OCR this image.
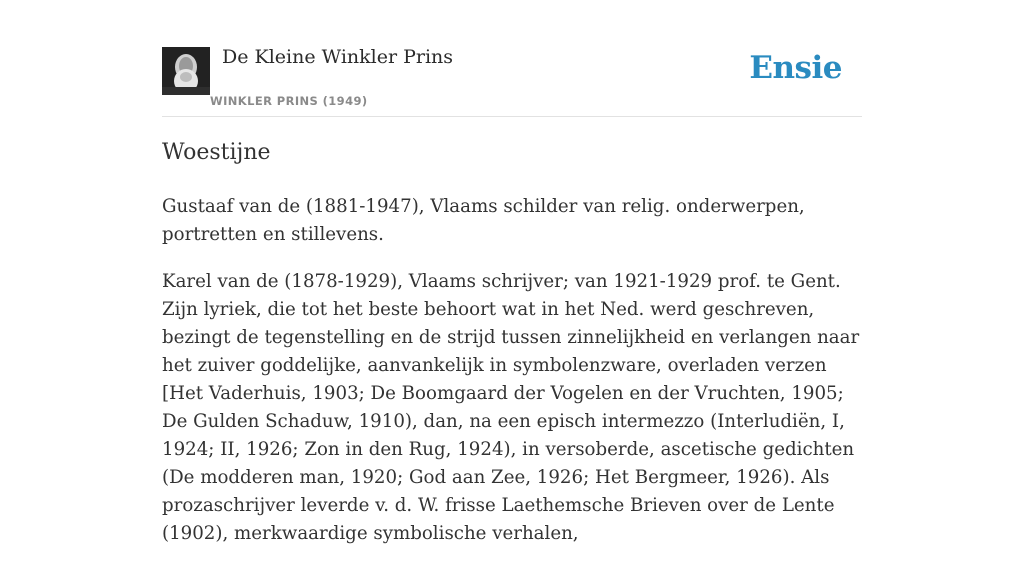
De Kleine Winkler Prins
WINKLER PRINS (1949)
Ensie
Woestijne

Gustaaf van de (1881-1947), Vlaams schilder van relig. onderwerpen, portretten en stillevens.

Karel van de (1878-1929), Vlaams schrijver; van 1921-1929 prof. te Gent. Zijn lyriek, die tot het beste behoort wat in het Ned. werd geschreven, bezingt de tegenstelling en de strijd tussen zinnelijkheid en verlangen naar het zuiver goddelijke, aanvankelijk in symbolenzware, overladen verzen [Het Vaderhuis, 1903; De Boomgaard der Vogelen en der Vruchten, 1905; De Gulden Schaduw, 1910), dan, na een episch intermezzo (Interludiën, I, 1924; II, 1926; Zon in den Rug, 1924), in versoberde, ascetische gedichten (De modderen man, 1920; God aan Zee, 1926; Het Bergmeer, 1926). Als prozaschrijver leverde v. d. W. frisse Laethemsche Brieven over de Lente (1902), merkwaardige symbolische verhalen,
